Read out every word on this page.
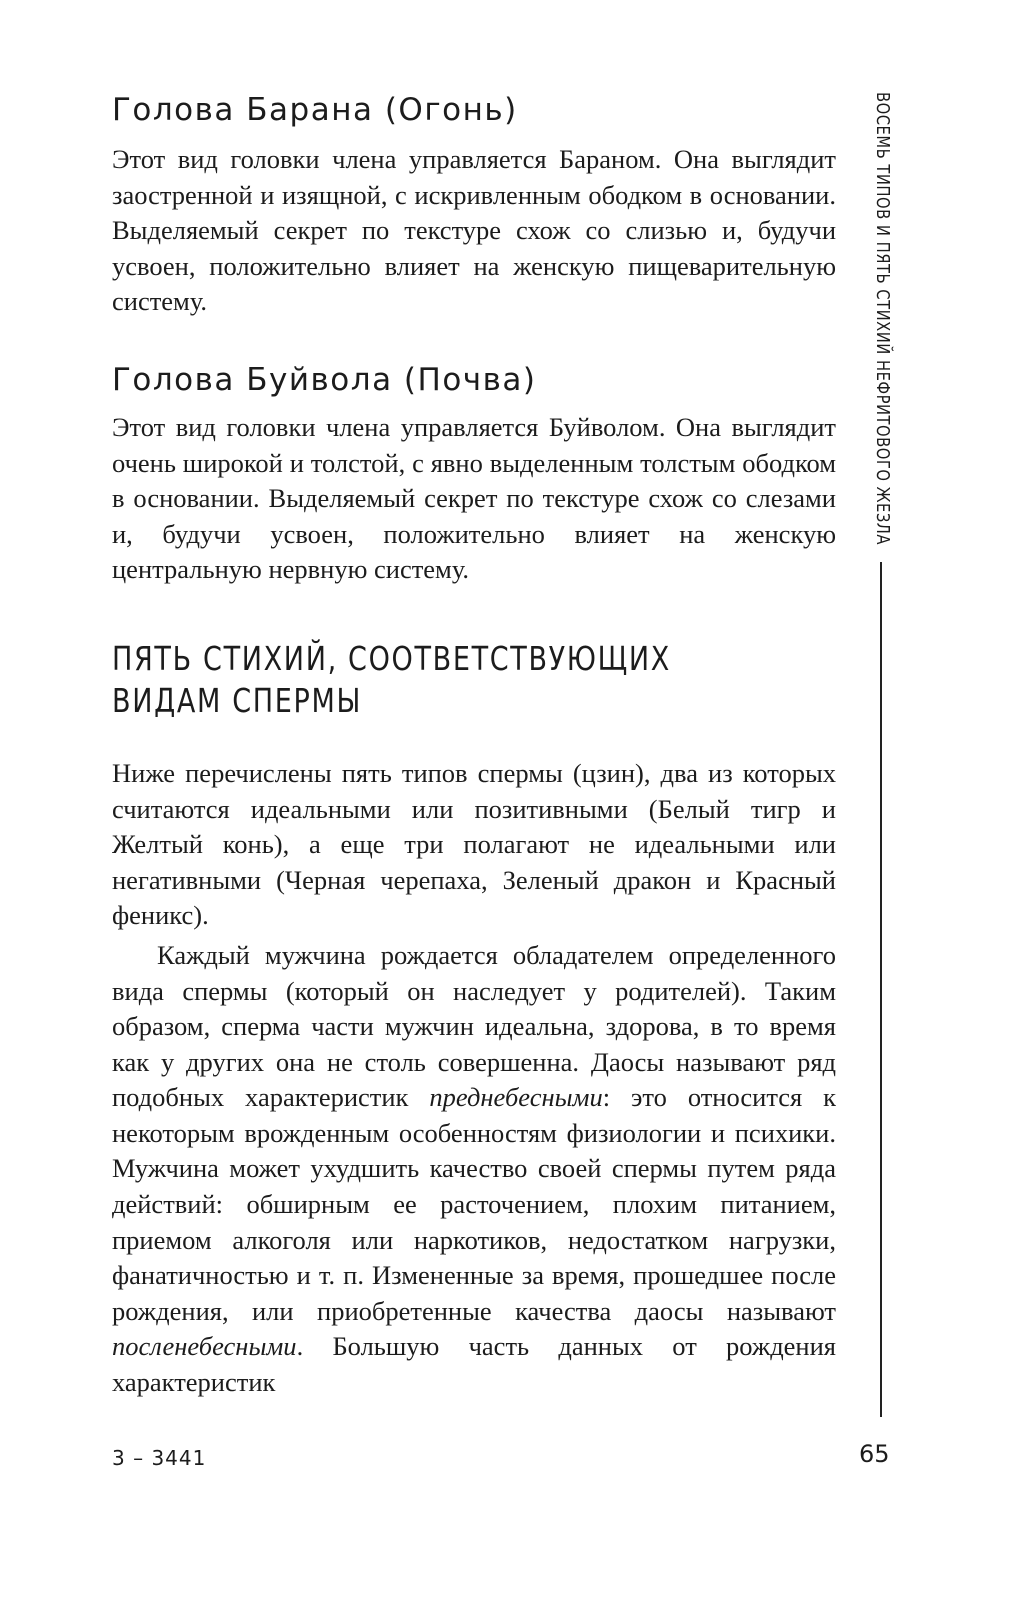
ВОСЕМЬ ТИПОВ И ПЯТЬ СТИХИЙ НЕФРИТОВОГО ЖЕЗЛА
Голова Барана (Огонь)

Этот вид головки члена управляется Бараном. Она выглядит заостренной и изящной, с искривленным ободком в основании. Выделяемый секрет по текстуре схож со слизью и, будучи усвоен, положительно влияет на женскую пищеварительную систему.

Голова Буйвола (Почва)

Этот вид головки члена управляется Буйволом. Она выглядит очень широкой и толстой, с явно выделенным толстым ободком в основании. Выделяемый секрет по текстуре схож со слезами и, будучи усвоен, положительно влияет на женскую центральную нервную систему.

ПЯТЬ СТИХИЙ, СООТВЕТСТВУЮЩИХ
ВИДАМ СПЕРМЫ

Ниже перечислены пять типов спермы (цзин), два из которых считаются идеальными или позитивными (Белый тигр и Желтый конь), а еще три полагают не идеальными или негативными (Черная черепаха, Зеленый дракон и Красный феникс).

Каждый мужчина рождается обладателем определенного вида спермы (который он наследует у родителей). Таким образом, сперма части мужчин идеальна, здорова, в то время как у других она не столь совершенна. Даосы называют ряд подобных характеристик преднебесными: это относится к некоторым врожденным особенностям физиологии и психики. Мужчина может ухудшить качество своей спермы путем ряда действий: обширным ее расточением, плохим питанием, приемом алкоголя или наркотиков, недостатком нагрузки, фанатичностью и т. п. Измененные за время, прошедшее после рождения, или приобретенные качества даосы называют посленебесными. Большую часть данных от рождения характеристик

3 – 3441	65
